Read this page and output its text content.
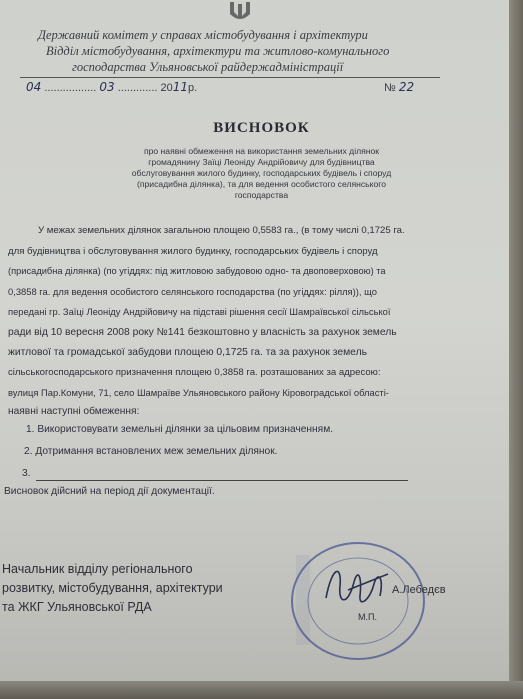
Державний комітет у справах містобудування і архітектури
Відділ містобудування, архітектури та житлово-комунального
господарства Ульяновської райдержадміністрації
04 ................. 03 ............. 2011р.	№ 22
ВИСНОВОК
про наявні обмеження на використання земельних ділянок
громадянину Заїці Леоніду Андрійовичу для будівництва
обслуговування жилого будинку, господарських будівель і споруд
(присадибна ділянка), та для ведення особистого селянського
господарства
У межах земельних ділянок загальною площею 0,5583 га., (в тому числі 0,1725 га.
для будівництва і обслуговування жилого будинку, господарських будівель і споруд
(присадибна ділянка) (по угіддях: під житловою забудовою одно- та двоповерховою) та
0,3858 га. для ведення особистого селянського господарства (по угіддях: рілля)), що
передані гр. Заїці Леоніду Андрійовичу на підставі рішення сесії Шамраївської сільської
ради від 10 вересня 2008 року №141 безкоштовно у власність за рахунок земель
житлової та громадської забудови площею 0,1725 га. та за рахунок земель
сільськогосподарського призначення площею 0,3858 га. розташованих за адресою:
вулиця Пар.Комуни, 71, село Шамраїве Ульяновського району Кіровоградської області-
наявні наступні обмеження:
1. Використовувати земельні ділянки за цільовим призначенням.
2. Дотримання встановлених меж земельних ділянок.
3.
Висновок дійсний на період дії документації.
Начальник відділу регіонального
розвитку, містобудування, архітектури
та ЖКГ Ульяновської РДА
М.П.
А.Лебедєв
